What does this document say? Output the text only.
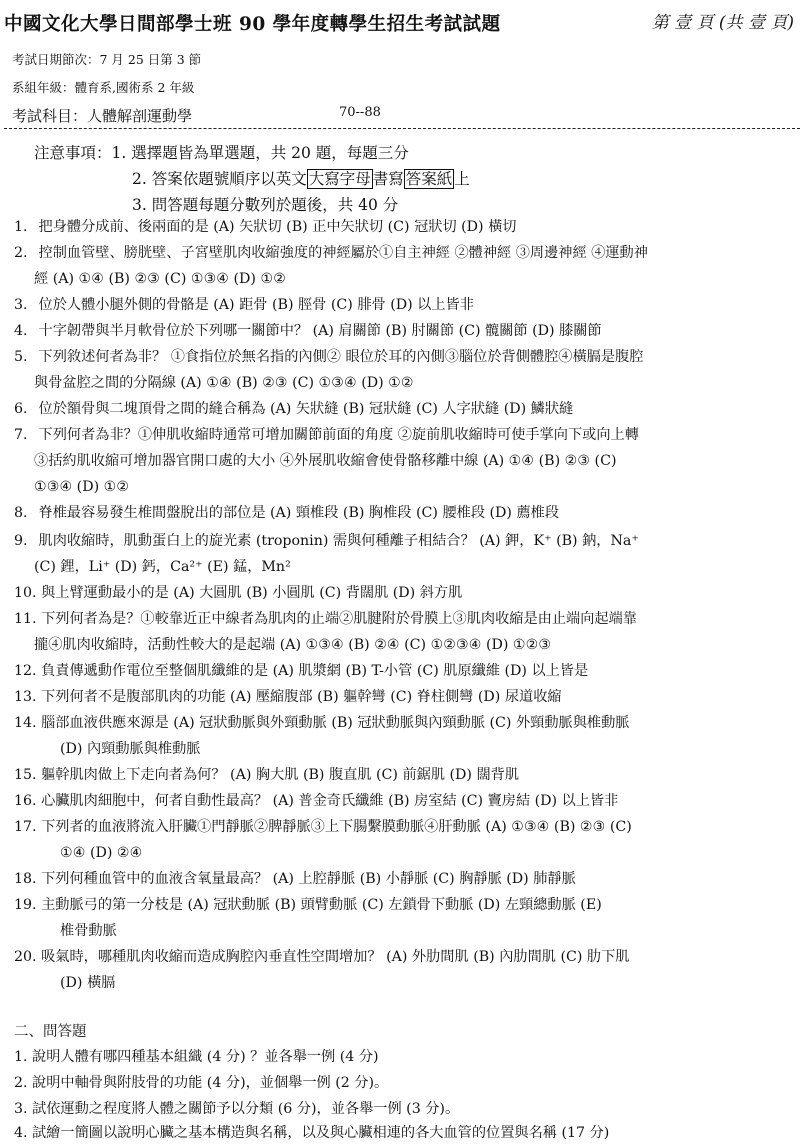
中國文化大學日間部學士班 90 學年度轉學生招生考試試題	第 壹 頁 (共 壹 頁)
考試日期節次：7 月 25 日第 3 節
系組年級：體育系,國術系 2 年級
考試科目：人體解剖運動學	70--88
注意事項：1. 選擇題皆為單選題，共 20 題，每題三分
2. 答案依題號順序以英文 大寫字母 書寫 答案紙 上
3. 問答題每題分數列於題後，共 40 分
1. 把身體分成前、後兩面的是 (A) 矢狀切 (B) 正中矢狀切 (C) 冠狀切 (D) 橫切
2. 控制血管壁、膀胱壁、子宮壁肌肉收縮強度的神經屬於①自主神經 ②體神經 ③周邊神經 ④運動神
經 (A) ①④ (B) ②③ (C) ①③④ (D) ①②
3. 位於人體小腿外側的骨骼是 (A) 距骨 (B) 脛骨 (C) 腓骨 (D) 以上皆非
4. 十字韌帶與半月軟骨位於下列哪一關節中？ (A) 肩關節 (B) 肘關節 (C) 髖關節 (D) 膝關節
5. 下列敘述何者為非？ ①食指位於無名指的內側② 眼位於耳的內側③腦位於背側體腔④橫膈是腹腔
與骨盆腔之間的分隔線 (A) ①④ (B) ②③ (C) ①③④ (D) ①②
6. 位於額骨與二塊頂骨之間的縫合稱為 (A) 矢狀縫 (B) 冠狀縫 (C) 人字狀縫 (D) 鱗狀縫
7. 下列何者為非？①伸肌收縮時通常可增加關節前面的角度 ②旋前肌收縮時可使手掌向下或向上轉
③括約肌收縮可增加器官開口處的大小 ④外展肌收縮會使骨骼移離中線 (A) ①④ (B) ②③ (C)
①③④ (D) ①②
8. 脊椎最容易發生椎間盤脫出的部位是 (A) 頸椎段 (B) 胸椎段 (C) 腰椎段 (D) 薦椎段
9. 肌肉收縮時，肌動蛋白上的旋光素 (troponin) 需與何種離子相結合？ (A) 鉀，K⁺ (B) 鈉，Na⁺
(C) 鋰，Li⁺ (D) 鈣，Ca²⁺ (E) 錳，Mn²
10. 與上臂運動最小的是 (A) 大圓肌 (B) 小圓肌 (C) 背闊肌 (D) 斜方肌
11. 下列何者為是？①較靠近正中線者為肌肉的止端②肌腱附於骨膜上③肌肉收縮是由止端向起端靠
攏④肌肉收縮時，活動性較大的是起端 (A) ①③④ (B) ②④ (C) ①②③④ (D) ①②③
12. 負責傳遞動作電位至整個肌纖維的是 (A) 肌漿網 (B) T-小管 (C) 肌原纖維 (D) 以上皆是
13. 下列何者不是腹部肌肉的功能 (A) 壓縮腹部 (B) 軀幹彎 (C) 脊柱側彎 (D) 尿道收縮
14. 腦部血液供應來源是 (A) 冠狀動脈與外頸動脈 (B) 冠狀動脈與內頸動脈 (C) 外頸動脈與椎動脈
(D) 內頸動脈與椎動脈
15. 軀幹肌肉做上下走向者為何？ (A) 胸大肌 (B) 腹直肌 (C) 前鋸肌 (D) 闊背肌
16. 心臟肌肉細胞中，何者自動性最高？ (A) 普金奇氏纖維 (B) 房室結 (C) 竇房結 (D) 以上皆非
17. 下列者的血液將流入肝臟①門靜脈②脾靜脈③上下腸繫膜動脈④肝動脈 (A) ①③④ (B) ②③ (C)
①④ (D) ②④
18. 下列何種血管中的血液含氧量最高？ (A) 上腔靜脈 (B) 小靜脈 (C) 胸靜脈 (D) 肺靜脈
19. 主動脈弓的第一分枝是 (A) 冠狀動脈 (B) 頭臂動脈 (C) 左鎖骨下動脈 (D) 左頸總動脈 (E)
椎骨動脈
20. 吸氣時，哪種肌肉收縮而造成胸腔內垂直性空間增加？ (A) 外肋間肌 (B) 內肋間肌 (C) 肋下肌
(D) 橫膈
二、問答題
1. 說明人體有哪四種基本組織 (4 分) ？並各舉一例 (4 分)
2. 說明中軸骨與附肢骨的功能 (4 分)，並個舉一例 (2 分)。
3. 試依運動之程度將人體之關節予以分類 (6 分)，並各舉一例 (3 分)。
4. 試繪一簡圖以說明心臟之基本構造與名稱，以及與心臟相連的各大血管的位置與名稱 (17 分)
